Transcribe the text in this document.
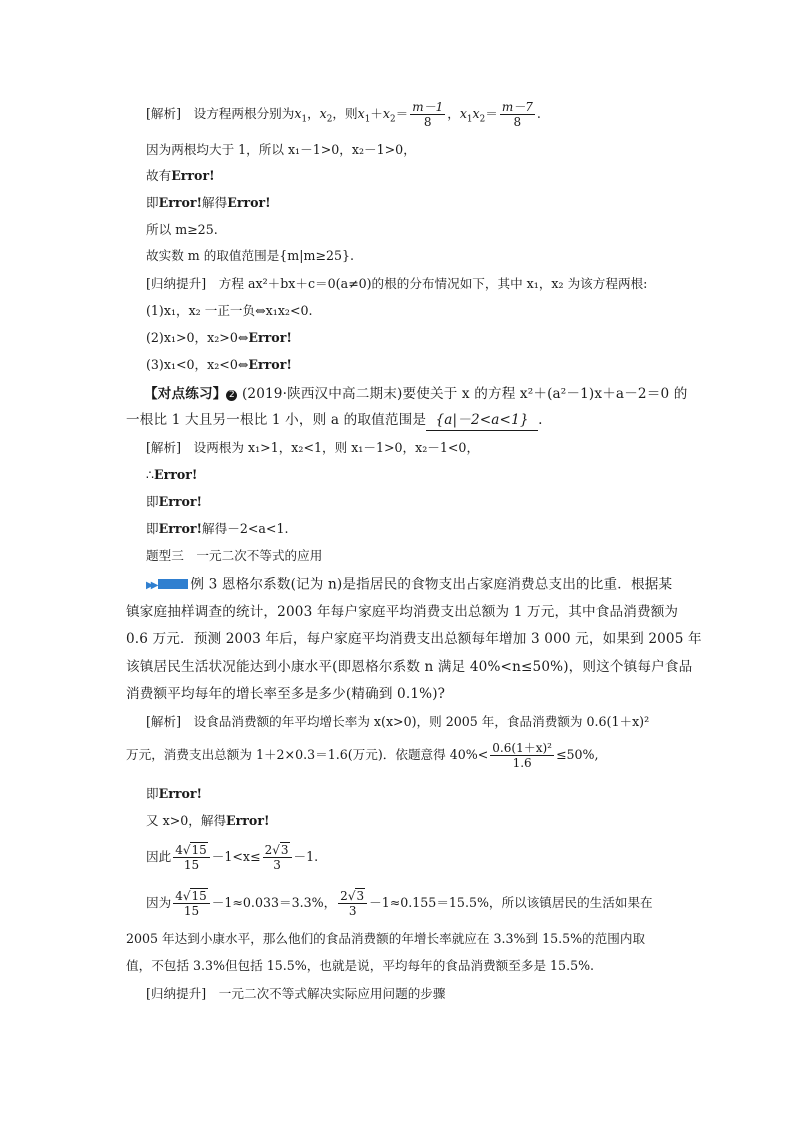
[解析]　设方程两根分别为$x_1$，$x_2$，则$x_1+x_2= \frac{m-1}{8}$ ，$x_1x_2= \frac{m-7}{8}$ .
因为两根均大于 1，所以 x₁－1>0，x₂－1>0，
故有Error!
即Error!解得Error!
所以 m≥25.
故实数 m 的取值范围是{m|m≥25}.
[归纳提升]　方程 ax²＋bx＋c＝0(a≠0)的根的分布情况如下，其中 x₁，x₂ 为该方程两根:
(1)x₁，x₂ 一正一负⇔x₁x₂<0.
(2)x₁>0，x₂>0⇔Error!
(3)x₁<0，x₂<0⇔Error!
【对点练习】 2 (2019·陕西汉中高二期末)要使关于 x 的方程 x²＋(a²－1)x＋a－2＝0 的
一根比 1 大且另一根比 1 小，则 a 的取值范围是 {a|－2<a<1} .
[解析]　设两根为 x₁>1，x₂<1，则 x₁－1>0，x₂－1<0，
∴Error!
即Error!
即Error!解得－2<a<1.
题型三　一元二次不等式的应用
▶▶	例 3 恩格尔系数(记为 n)是指居民的食物支出占家庭消费总支出的比重．根据某
镇家庭抽样调查的统计，2003 年每户家庭平均消费支出总额为 1 万元，其中食品消费额为
0.6 万元．预测 2003 年后，每户家庭平均消费支出总额每年增加 3 000 元，如果到 2005 年
该镇居民生活状况能达到小康水平(即恩格尔系数 n 满足 40%<n≤50%)，则这个镇每户食品
消费额平均每年的增长率至多是多少(精确到 0.1%)?
[解析]　设食品消费额的年平均增长率为 x(x>0)，则 2005 年，食品消费额为 0.6(1＋x)²
万元，消费支出总额为 1＋2×0.3＝1.6(万元)．依题意得 $40\%< \frac{\text{0.6(1＋x)²}}{1.6} \le 50\%$,
即Error!
又 x>0，解得Error!
因此 $\frac{4√15}{15} -1<x\le \frac{2√3}{3} -1$.
因为 $\frac{4√15}{15} -1\approx 0.033=3.3\%$， $\frac{2√3}{3} -1\approx 0.155=15.5\%$，所以该镇居民的生活如果在
2005 年达到小康水平，那么他们的食品消费额的年增长率就应在 3.3%到 15.5%的范围内取
值，不包括 3.3%但包括 15.5%，也就是说，平均每年的食品消费额至多是 15.5%.
[归纳提升]　一元二次不等式解决实际应用问题的步骤
